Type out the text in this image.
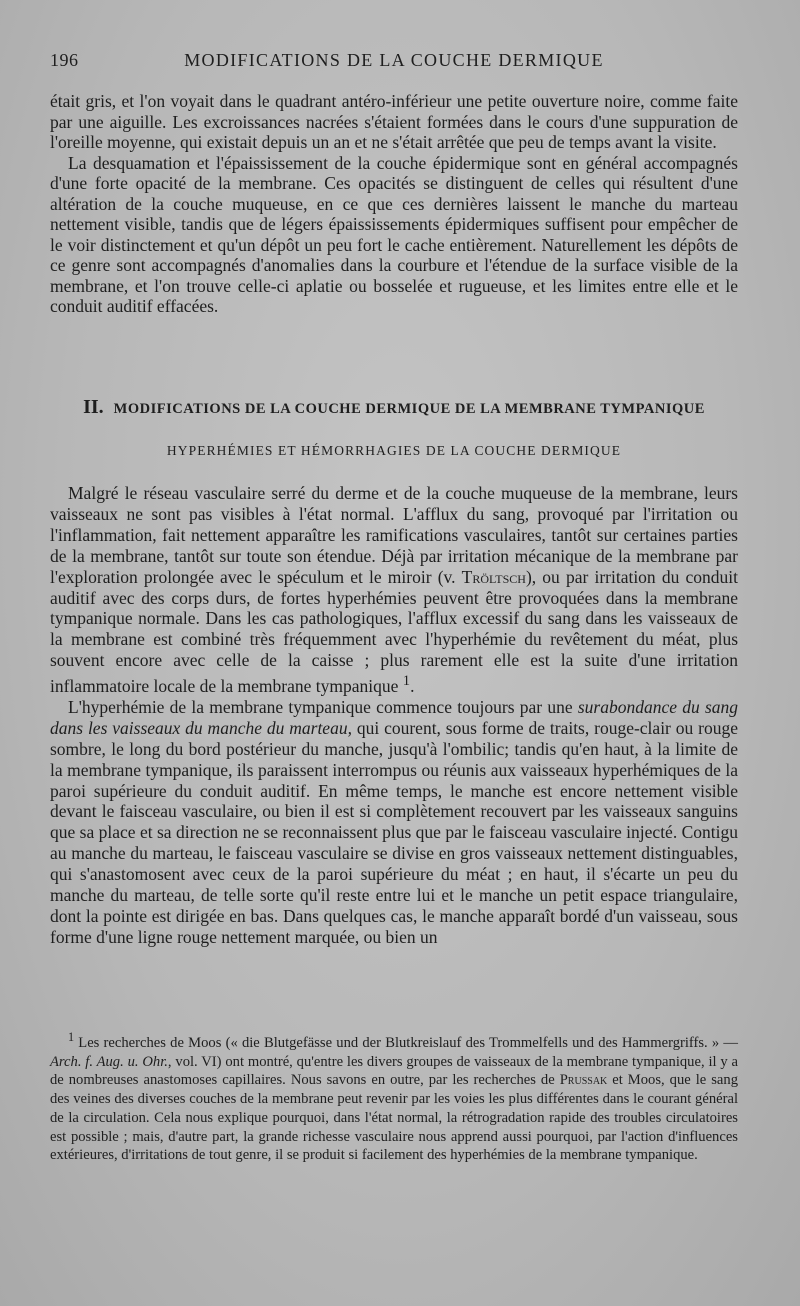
196	MODIFICATIONS DE LA COUCHE DERMIQUE

était gris, et l'on voyait dans le quadrant antéro-inférieur une petite ouverture noire, comme faite par une aiguille. Les excroissances nacrées s'étaient formées dans le cours d'une suppuration de l'oreille moyenne, qui existait depuis un an et ne s'était arrêtée que peu de temps avant la visite.

La desquamation et l'épaississement de la couche épidermique sont en général accompagnés d'une forte opacité de la membrane. Ces opacités se distinguent de celles qui résultent d'une altération de la couche muqueuse, en ce que ces dernières laissent le manche du marteau nettement visible, tandis que de légers épaississements épidermiques suffisent pour empêcher de le voir distinctement et qu'un dépôt un peu fort le cache entièrement. Naturellement les dépôts de ce genre sont accompagnés d'anomalies dans la courbure et l'étendue de la surface visible de la membrane, et l'on trouve celle-ci aplatie ou bosselée et rugueuse, et les limites entre elle et le conduit auditif effacées.

II. MODIFICATIONS DE LA COUCHE DERMIQUE DE LA MEMBRANE TYMPANIQUE
HYPERHÉMIES ET HÉMORRHAGIES DE LA COUCHE DERMIQUE

Malgré le réseau vasculaire serré du derme et de la couche muqueuse de la membrane, leurs vaisseaux ne sont pas visibles à l'état normal. L'afflux du sang, provoqué par l'irritation ou l'inflammation, fait nettement apparaître les ramifications vasculaires, tantôt sur certaines parties de la membrane, tantôt sur toute son étendue. Déjà par irritation mécanique de la membrane par l'exploration prolongée avec le spéculum et le miroir (v. Tröltsch), ou par irritation du conduit auditif avec des corps durs, de fortes hyperhémies peuvent être provoquées dans la membrane tympanique normale. Dans les cas pathologiques, l'afflux excessif du sang dans les vaisseaux de la membrane est combiné très fréquemment avec l'hyperhémie du revêtement du méat, plus souvent encore avec celle de la caisse ; plus rarement elle est la suite d'une irritation inflammatoire locale de la membrane tympanique $^1$.

L'hyperhémie de la membrane tympanique commence toujours par une surabondance du sang dans les vaisseaux du manche du marteau, qui courent, sous forme de traits, rouge-clair ou rouge sombre, le long du bord postérieur du manche, jusqu'à l'ombilic; tandis qu'en haut, à la limite de la membrane tympanique, ils paraissent interrompus ou réunis aux vaisseaux hyperhémiques de la paroi supérieure du conduit auditif. En même temps, le manche est encore nettement visible devant le faisceau vasculaire, ou bien il est si complètement recouvert par les vaisseaux sanguins que sa place et sa direction ne se reconnaissent plus que par le faisceau vasculaire injecté. Contigu au manche du marteau, le faisceau vasculaire se divise en gros vaisseaux nettement distinguables, qui s'anastomosent avec ceux de la paroi supérieure du méat ; en haut, il s'écarte un peu du manche du marteau, de telle sorte qu'il reste entre lui et le manche un petit espace triangulaire, dont la pointe est dirigée en bas. Dans quelques cas, le manche apparaît bordé d'un vaisseau, sous forme d'une ligne rouge nettement marquée, ou bien un

$^1$ Les recherches de Moos (« die Blutgefässe und der Blutkreislauf des Trommelfells und des Hammergriffs. » — Arch. f. Aug. u. Ohr., vol. VI) ont montré, qu'entre les divers groupes de vaisseaux de la membrane tympanique, il y a de nombreuses anastomoses capillaires. Nous savons en outre, par les recherches de Prussak et Moos, que le sang des veines des diverses couches de la membrane peut revenir par les voies les plus différentes dans le courant général de la circulation. Cela nous explique pourquoi, dans l'état normal, la rétrogradation rapide des troubles circulatoires est possible ; mais, d'autre part, la grande richesse vasculaire nous apprend aussi pourquoi, par l'action d'influences extérieures, d'irritations de tout genre, il se produit si facilement des hyperhémies de la membrane tympanique.
